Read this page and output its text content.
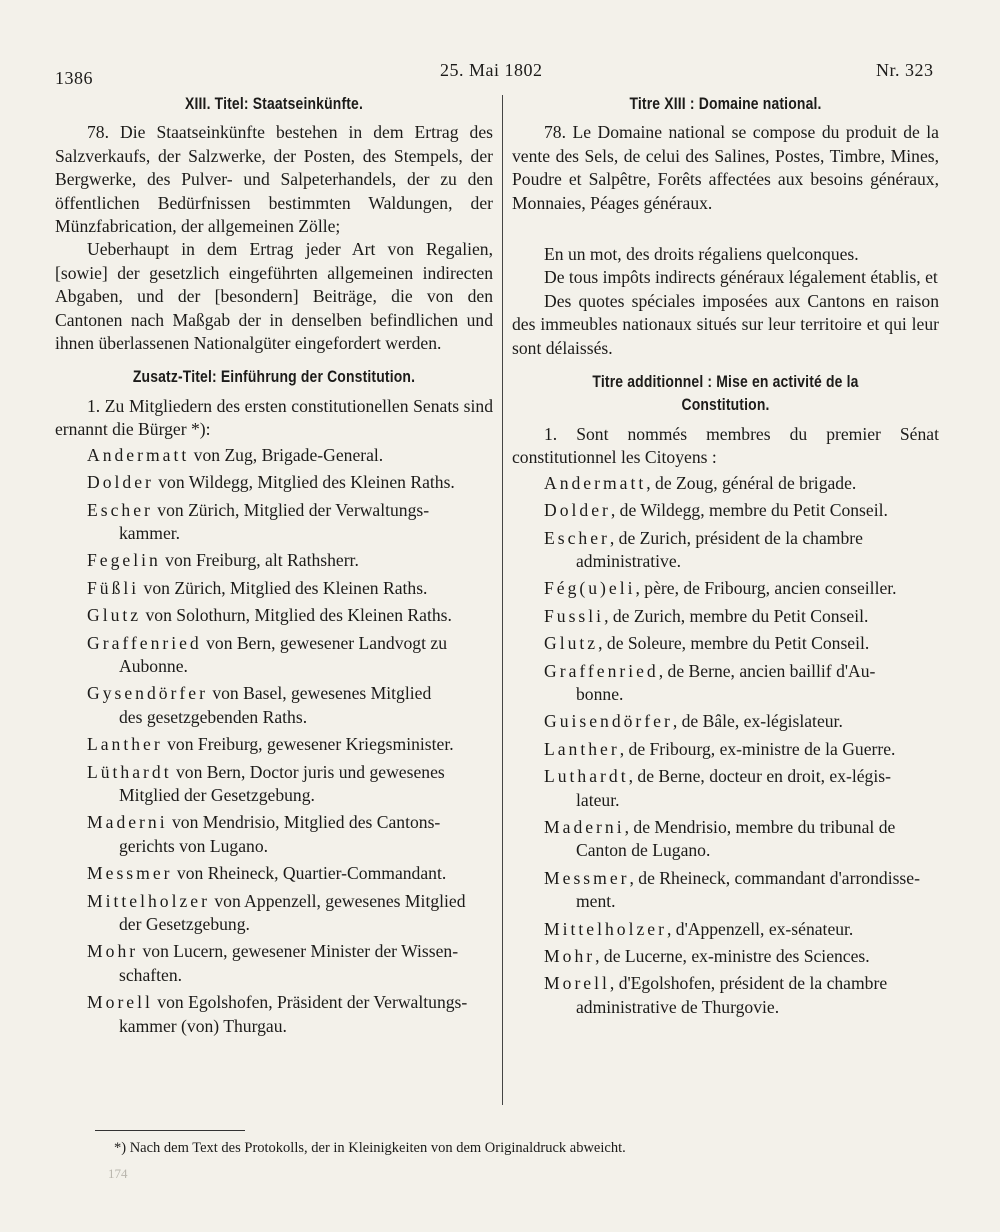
1386	25. Mai 1802	Nr. 323
XIII. Titel: Staatseinkünfte.

78. Die Staatseinkünfte bestehen in dem Ertrag des Salzverkaufs, der Salzwerke, der Posten, des Stempels, der Bergwerke, des Pulver- und Salpeterhandels, der zu den öffentlichen Bedürfnissen bestimmten Waldungen, der Münzfabrication, der allgemeinen Zölle;

Ueberhaupt in dem Ertrag jeder Art von Regalien, [sowie] der gesetzlich eingeführten allgemeinen indirecten Abgaben, und der [besondern] Beiträge, die von den Cantonen nach Maßgab der in denselben befindlichen und ihnen überlassenen Nationalgüter eingefordert werden.

Zusatz-Titel: Einführung der Constitution.

1. Zu Mitgliedern des ersten constitutionellen Senats sind ernannt die Bürger *):

Andermatt von Zug, Brigade-General.
Dolder von Wildegg, Mitglied des Kleinen Raths.
Escher von Zürich, Mitglied der Verwaltungs-
kammer.
Fegelin von Freiburg, alt Rathsherr.
Füßli von Zürich, Mitglied des Kleinen Raths.
Glutz von Solothurn, Mitglied des Kleinen Raths.
Graffenried von Bern, gewesener Landvogt zu
Aubonne.
Gysendörfer von Basel, gewesenes Mitglied
des gesetzgebenden Raths.
Lanther von Freiburg, gewesener Kriegsminister.
Lüthardt von Bern, Doctor juris und gewesenes
Mitglied der Gesetzgebung.
Maderni von Mendrisio, Mitglied des Cantons-
gerichts von Lugano.
Messmer von Rheineck, Quartier-Commandant.
Mittelholzer von Appenzell, gewesenes Mitglied
der Gesetzgebung.
Mohr von Lucern, gewesener Minister der Wissen-
schaften.
Morell von Egolshofen, Präsident der Verwaltungs-
kammer (von) Thurgau.
Titre XIII : Domaine national.

78. Le Domaine national se compose du produit de la vente des Sels, de celui des Salines, Postes, Timbre, Mines, Poudre et Salpêtre, Forêts affectées aux besoins généraux, Monnaies, Péages généraux.

En un mot, des droits régaliens quelconques.

De tous impôts indirects généraux légalement établis, et

Des quotes spéciales imposées aux Cantons en raison des immeubles nationaux situés sur leur territoire et qui leur sont délaissés.

Titre additionnel : Mise en activité de la Constitution.

1. Sont nommés membres du premier Sénat constitutionnel les Citoyens :

Andermatt, de Zoug, général de brigade.
Dolder, de Wildegg, membre du Petit Conseil.
Escher, de Zurich, président de la chambre
administrative.
Fég(u)eli, père, de Fribourg, ancien conseiller.
Fussli, de Zurich, membre du Petit Conseil.
Glutz, de Soleure, membre du Petit Conseil.
Graffenried, de Berne, ancien baillif d'Au-
bonne.
Guisendörfer, de Bâle, ex-législateur.
Lanther, de Fribourg, ex-ministre de la Guerre.
Luthardt, de Berne, docteur en droit, ex-légis-
lateur.
Maderni, de Mendrisio, membre du tribunal de
Canton de Lugano.
Messmer, de Rheineck, commandant d'arrondisse-
ment.
Mittelholzer, d'Appenzell, ex-sénateur.
Mohr, de Lucerne, ex-ministre des Sciences.
Morell, d'Egolshofen, président de la chambre
administrative de Thurgovie.
*) Nach dem Text des Protokolls, der in Kleinigkeiten von dem Originaldruck abweicht.
174
